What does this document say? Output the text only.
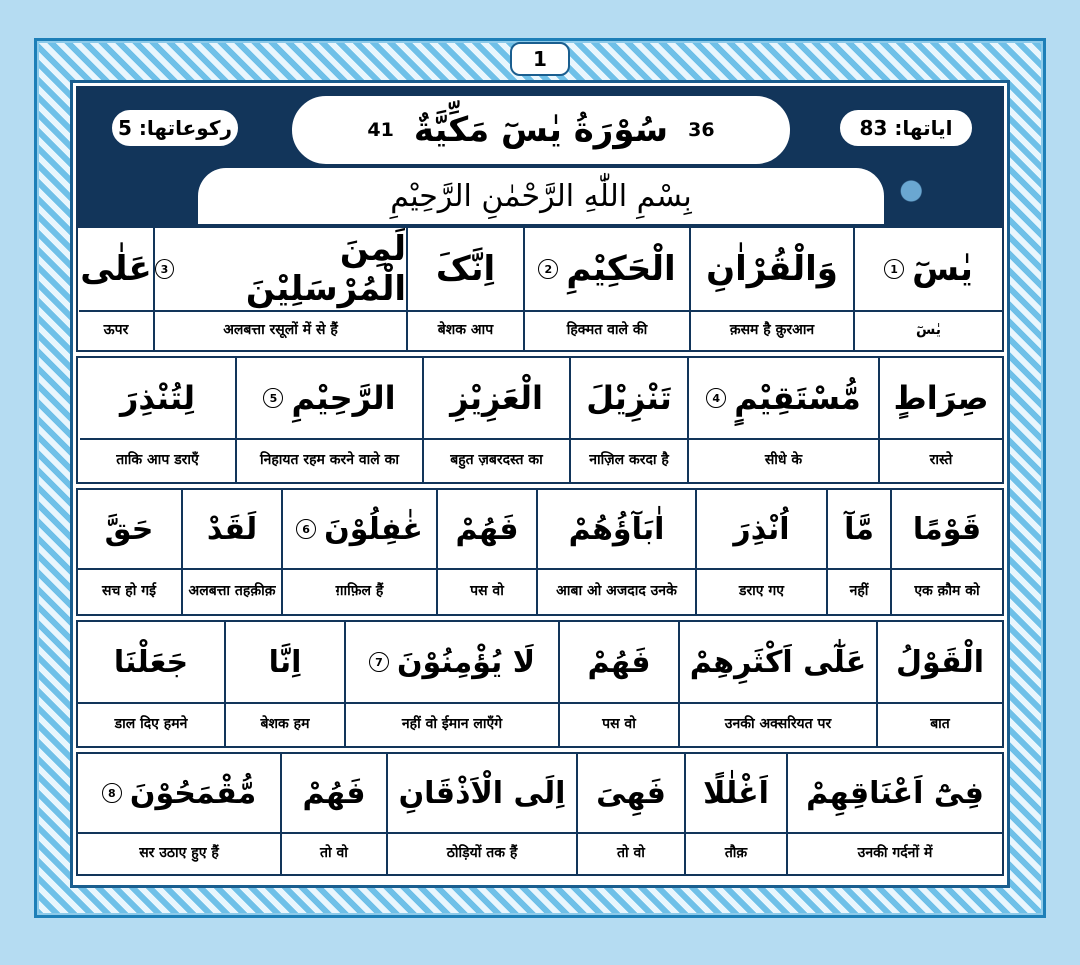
1
رکوعاتها: 5	ایاتها: 83
41 سُوْرَةُ یٰسٓ مَکِّیَّةٌ 36
بِسْمِ اللّٰهِ الرَّحْمٰنِ الرَّحِیْمِ
یٰسٓ
1
یٰسٓ
وَالْقُرْاٰنِ
क़सम है क़ुरआन
الْحَکِیْمِ
2
हिक्मत वाले की
اِنَّکَ
बेशक आप
لَمِنَ الْمُرْسَلِیْنَ
3
अलबत्ता रसूलों में से हैं
عَلٰی
ऊपर
صِرَاطٍ
रास्ते
مُّسْتَقِیْمٍ
4
सीधे के
تَنْزِیْلَ
नाज़िल करदा है
الْعَزِیْزِ
बहुत ज़बरदस्त का
الرَّحِیْمِ
5
निहायत रहम करने वाले का
لِتُنْذِرَ
ताकि आप डराएँ
قَوْمًا
एक क़ौम को
مَّآ
नहीं
اُنْذِرَ
डराए गए
اٰبَآؤُهُمْ
आबा ओ अजदाद उनके
فَهُمْ
पस वो
غٰفِلُوْنَ
6
ग़ाफ़िल हैं
لَقَدْ
अलबत्ता तहक़ीक़
حَقَّ
सच हो गई
الْقَوْلُ
बात
عَلٰٓی اَکْثَرِهِمْ
उनकी अक्सरियत पर
فَهُمْ
पस वो
لَا یُؤْمِنُوْنَ
7
नहीं वो ईमान लाएँगे
اِنَّا
बेशक हम
جَعَلْنَا
डाल दिए हमने
فِیْٓ اَعْنَاقِهِمْ
उनकी गर्दनों में
اَغْلٰلًا
तौक़
فَهِیَ
तो वो
اِلَی الْاَذْقَانِ
ठोड़ियों तक हैं
فَهُمْ
तो वो
مُّقْمَحُوْنَ
8
सर उठाए हुए हैं
